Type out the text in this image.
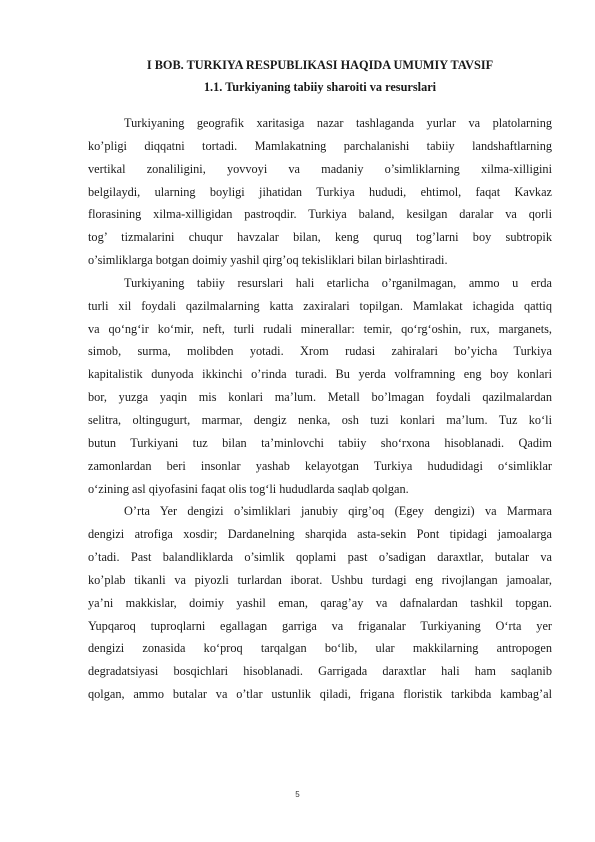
I BOB. TURKIYA RESPUBLIKASI HAQIDA UMUMIY TAVSIF
1.1. Turkiyaning tabiiy sharoiti va resurslari
Turkiyaning geografik xaritasiga nazar tashlaganda yurlar va platolarning
ko’pligi diqqatni tortadi. Mamlakatning parchalanishi tabiiy landshaftlarning
vertikal zonaliligini, yovvoyi va madaniy o’simliklarning xilma-xilligini
belgilaydi, ularning boyligi jihatidan Turkiya hududi, ehtimol, faqat Kavkaz
florasining xilma-xilligidan pastroqdir. Turkiya baland, kesilgan daralar va qorli
tog’ tizmalarini chuqur havzalar bilan, keng quruq tog’larni boy subtropik
o’simliklarga botgan doimiy yashil qirg’oq tekisliklari bilan birlashtiradi.
Turkiyaning tabiiy resurslari hali etarlicha o’rganilmagan, ammo u erda
turli xil foydali qazilmalarning katta zaxiralari topilgan. Mamlakat ichagida qattiq
va qo‘ng‘ir ko‘mir, neft, turli rudali minerallar: temir, qo‘rg‘oshin, rux, marganets,
simob, surma, molibden yotadi. Xrom rudasi zahiralari bo’yicha Turkiya
kapitalistik dunyoda ikkinchi o’rinda turadi. Bu yerda volframning eng boy konlari
bor, yuzga yaqin mis konlari ma’lum. Metall bo’lmagan foydali qazilmalardan
selitra, oltingugurt, marmar, dengiz nenka, osh tuzi konlari ma’lum. Tuz ko‘li
butun Turkiyani tuz bilan ta’minlovchi tabiiy sho‘rxona hisoblanadi. Qadim
zamonlardan beri insonlar yashab kelayotgan Turkiya hududidagi o‘simliklar
o‘zining asl qiyofasini faqat olis tog‘li hududlarda saqlab qolgan.
O’rta Yer dengizi o’simliklari janubiy qirg’oq (Egey dengizi) va Marmara
dengizi atrofiga xosdir; Dardanelning sharqida asta-sekin Pont tipidagi jamoalarga
o’tadi. Past balandliklarda o’simlik qoplami past o’sadigan daraxtlar, butalar va
ko’plab tikanli va piyozli turlardan iborat. Ushbu turdagi eng rivojlangan jamoalar,
ya’ni makkislar, doimiy yashil eman, qarag’ay va dafnalardan tashkil topgan.
Yupqaroq tuproqlarni egallagan garriga va friganalar Turkiyaning O‘rta yer
dengizi zonasida ko‘proq tarqalgan bo‘lib, ular makkilarning antropogen
degradatsiyasi bosqichlari hisoblanadi. Garrigada daraxtlar hali ham saqlanib
qolgan, ammo butalar va o’tlar ustunlik qiladi, frigana floristik tarkibda kambag’al
5
